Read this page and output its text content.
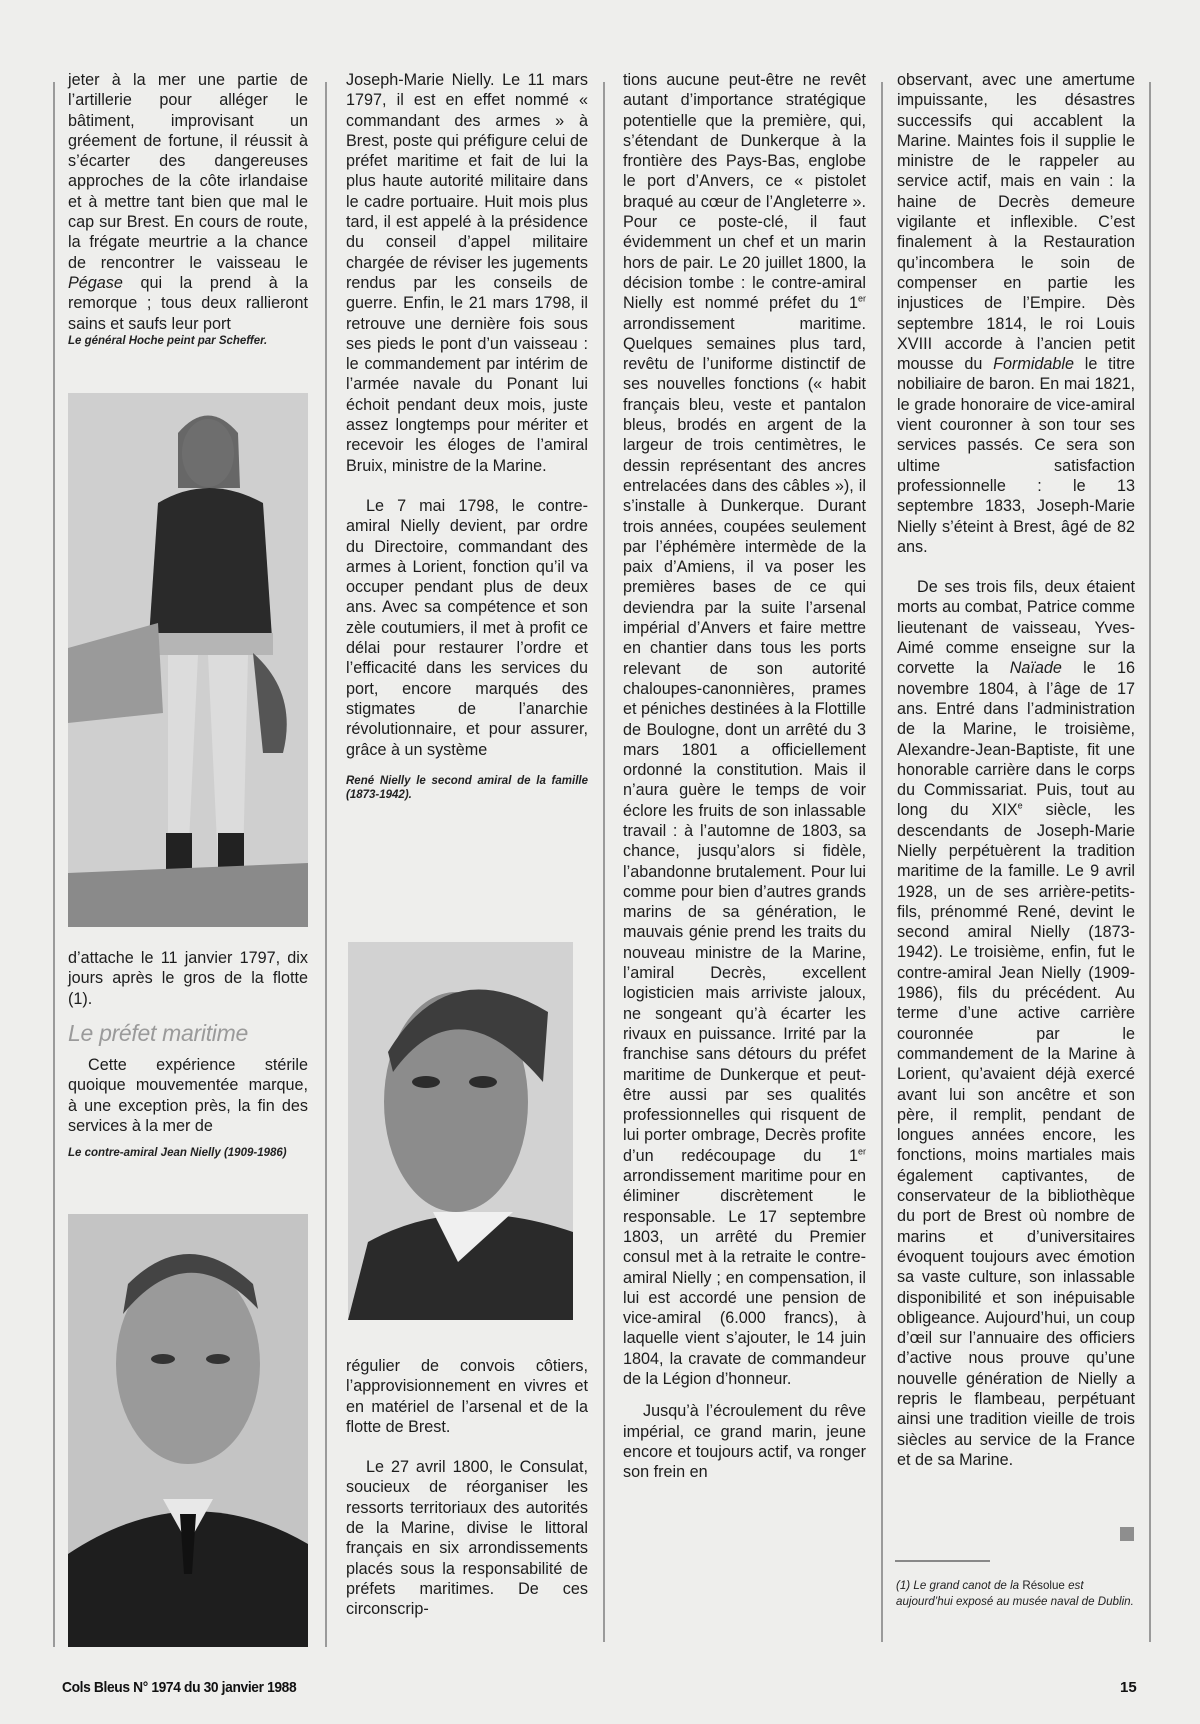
jeter à la mer une partie de l’artillerie pour alléger le bâtiment, improvisant un gréement de fortune, il réussit à s’écarter des dangereuses approches de la côte irlandaise et à mettre tant bien que mal le cap sur Brest. En cours de route, la frégate meurtrie a la chance de rencontrer le vaisseau le Pégase qui la prend à la remorque ; tous deux rallieront sains et saufs leur port

Le général Hoche peint par Scheffer.

d’attache le 11 janvier 1797, dix jours après le gros de la flotte (1).

Le préfet maritime

Cette expérience stérile quoique mouvementée marque, à une exception près, la fin des services à la mer de

Le contre-amiral Jean Nielly (1909-1986)

Joseph-Marie Nielly. Le 11 mars 1797, il est en effet nommé « commandant des armes » à Brest, poste qui préfigure celui de préfet maritime et fait de lui la plus haute autorité militaire dans le cadre portuaire. Huit mois plus tard, il est appelé à la présidence du conseil d’appel militaire chargée de réviser les jugements rendus par les conseils de guerre. Enfin, le 21 mars 1798, il retrouve une dernière fois sous ses pieds le pont d’un vaisseau : le commandement par intérim de l’armée navale du Ponant lui échoit pendant deux mois, juste assez longtemps pour mériter et recevoir les éloges de l’amiral Bruix, ministre de la Marine.

Le 7 mai 1798, le contre-amiral Nielly devient, par ordre du Directoire, commandant des armes à Lorient, fonction qu’il va occuper pendant plus de deux ans. Avec sa compétence et son zèle coutumiers, il met à profit ce délai pour restaurer l’ordre et l’efficacité dans les services du port, encore marqués des stigmates de l’anarchie révolutionnaire, et pour assurer, grâce à un système

René Nielly le second amiral de la famille (1873-1942).

régulier de convois côtiers, l’approvisionnement en vivres et en matériel de l’arsenal et de la flotte de Brest.

Le 27 avril 1800, le Consulat, soucieux de réorganiser les ressorts territoriaux des autorités de la Marine, divise le littoral français en six arrondissements placés sous la responsabilité de préfets maritimes. De ces circonscrip-

tions aucune peut-être ne revêt autant d’importance stratégique potentielle que la première, qui, s’étendant de Dunkerque à la frontière des Pays-Bas, englobe le port d’Anvers, ce « pistolet braqué au cœur de l’Angleterre ». Pour ce poste-clé, il faut évidemment un chef et un marin hors de pair. Le 20 juillet 1800, la décision tombe : le contre-amiral Nielly est nommé préfet du 1er arrondissement maritime. Quelques semaines plus tard, revêtu de l’uniforme distinctif de ses nouvelles fonctions (« habit français bleu, veste et pantalon bleus, brodés en argent de la largeur de trois centimètres, le dessin représentant des ancres entrelacées dans des câbles »), il s’installe à Dunkerque. Durant trois années, coupées seulement par l’éphémère intermède de la paix d’Amiens, il va poser les premières bases de ce qui deviendra par la suite l’arsenal impérial d’Anvers et faire mettre en chantier dans tous les ports relevant de son autorité chaloupes-canonnières, prames et péniches destinées à la Flottille de Boulogne, dont un arrêté du 3 mars 1801 a officiellement ordonné la constitution. Mais il n’aura guère le temps de voir éclore les fruits de son inlassable travail : à l’automne de 1803, sa chance, jusqu’alors si fidèle, l’abandonne brutalement. Pour lui comme pour bien d’autres grands marins de sa génération, le mauvais génie prend les traits du nouveau ministre de la Marine, l’amiral Decrès, excellent logisticien mais arriviste jaloux, ne songeant qu’à écarter les rivaux en puissance. Irrité par la franchise sans détours du préfet maritime de Dunkerque et peut-être aussi par ses qualités professionnelles qui risquent de lui porter ombrage, Decrès profite d’un redécoupage du 1er arrondissement maritime pour en éliminer discrètement le responsable. Le 17 septembre 1803, un arrêté du Premier consul met à la retraite le contre-amiral Nielly ; en compensation, il lui est accordé une pension de vice-amiral (6.000 francs), à laquelle vient s’ajouter, le 14 juin 1804, la cravate de commandeur de la Légion d’honneur.

Jusqu’à l’écroulement du rêve impérial, ce grand marin, jeune encore et toujours actif, va ronger son frein en

observant, avec une amertume impuissante, les désastres successifs qui accablent la Marine. Maintes fois il supplie le ministre de le rappeler au service actif, mais en vain : la haine de Decrès demeure vigilante et inflexible. C’est finalement à la Restauration qu’incombera le soin de compenser en partie les injustices de l’Empire. Dès septembre 1814, le roi Louis XVIII accorde à l’ancien petit mousse du Formidable le titre nobiliaire de baron. En mai 1821, le grade honoraire de vice-amiral vient couronner à son tour ses services passés. Ce sera son ultime satisfaction professionnelle : le 13 septembre 1833, Joseph-Marie Nielly s’éteint à Brest, âgé de 82 ans.

De ses trois fils, deux étaient morts au combat, Patrice comme lieutenant de vaisseau, Yves-Aimé comme enseigne sur la corvette la Naïade le 16 novembre 1804, à l’âge de 17 ans. Entré dans l’administration de la Marine, le troisième, Alexandre-Jean-Baptiste, fit une honorable carrière dans le corps du Commissariat. Puis, tout au long du XIXe siècle, les descendants de Joseph-Marie Nielly perpétuèrent la tradition maritime de la famille. Le 9 avril 1928, un de ses arrière-petits-fils, prénommé René, devint le second amiral Nielly (1873-1942). Le troisième, enfin, fut le contre-amiral Jean Nielly (1909-1986), fils du précédent. Au terme d’une active carrière couronnée par le commandement de la Marine à Lorient, qu’avaient déjà exercé avant lui son ancêtre et son père, il remplit, pendant de longues années encore, les fonctions, moins martiales mais également captivantes, de conservateur de la bibliothèque du port de Brest où nombre de marins et d’universitaires évoquent toujours avec émotion sa vaste culture, son inlassable disponibilité et son inépuisable obligeance. Aujourd’hui, un coup d’œil sur l’annuaire des officiers d’active nous prouve qu’une nouvelle génération de Nielly a repris le flambeau, perpétuant ainsi une tradition vieille de trois siècles au service de la France et de sa Marine.

(1) Le grand canot de la Résolue est aujourd’hui exposé au musée naval de Dublin.
Cols Bleus N° 1974 du 30 janvier 1988	15
